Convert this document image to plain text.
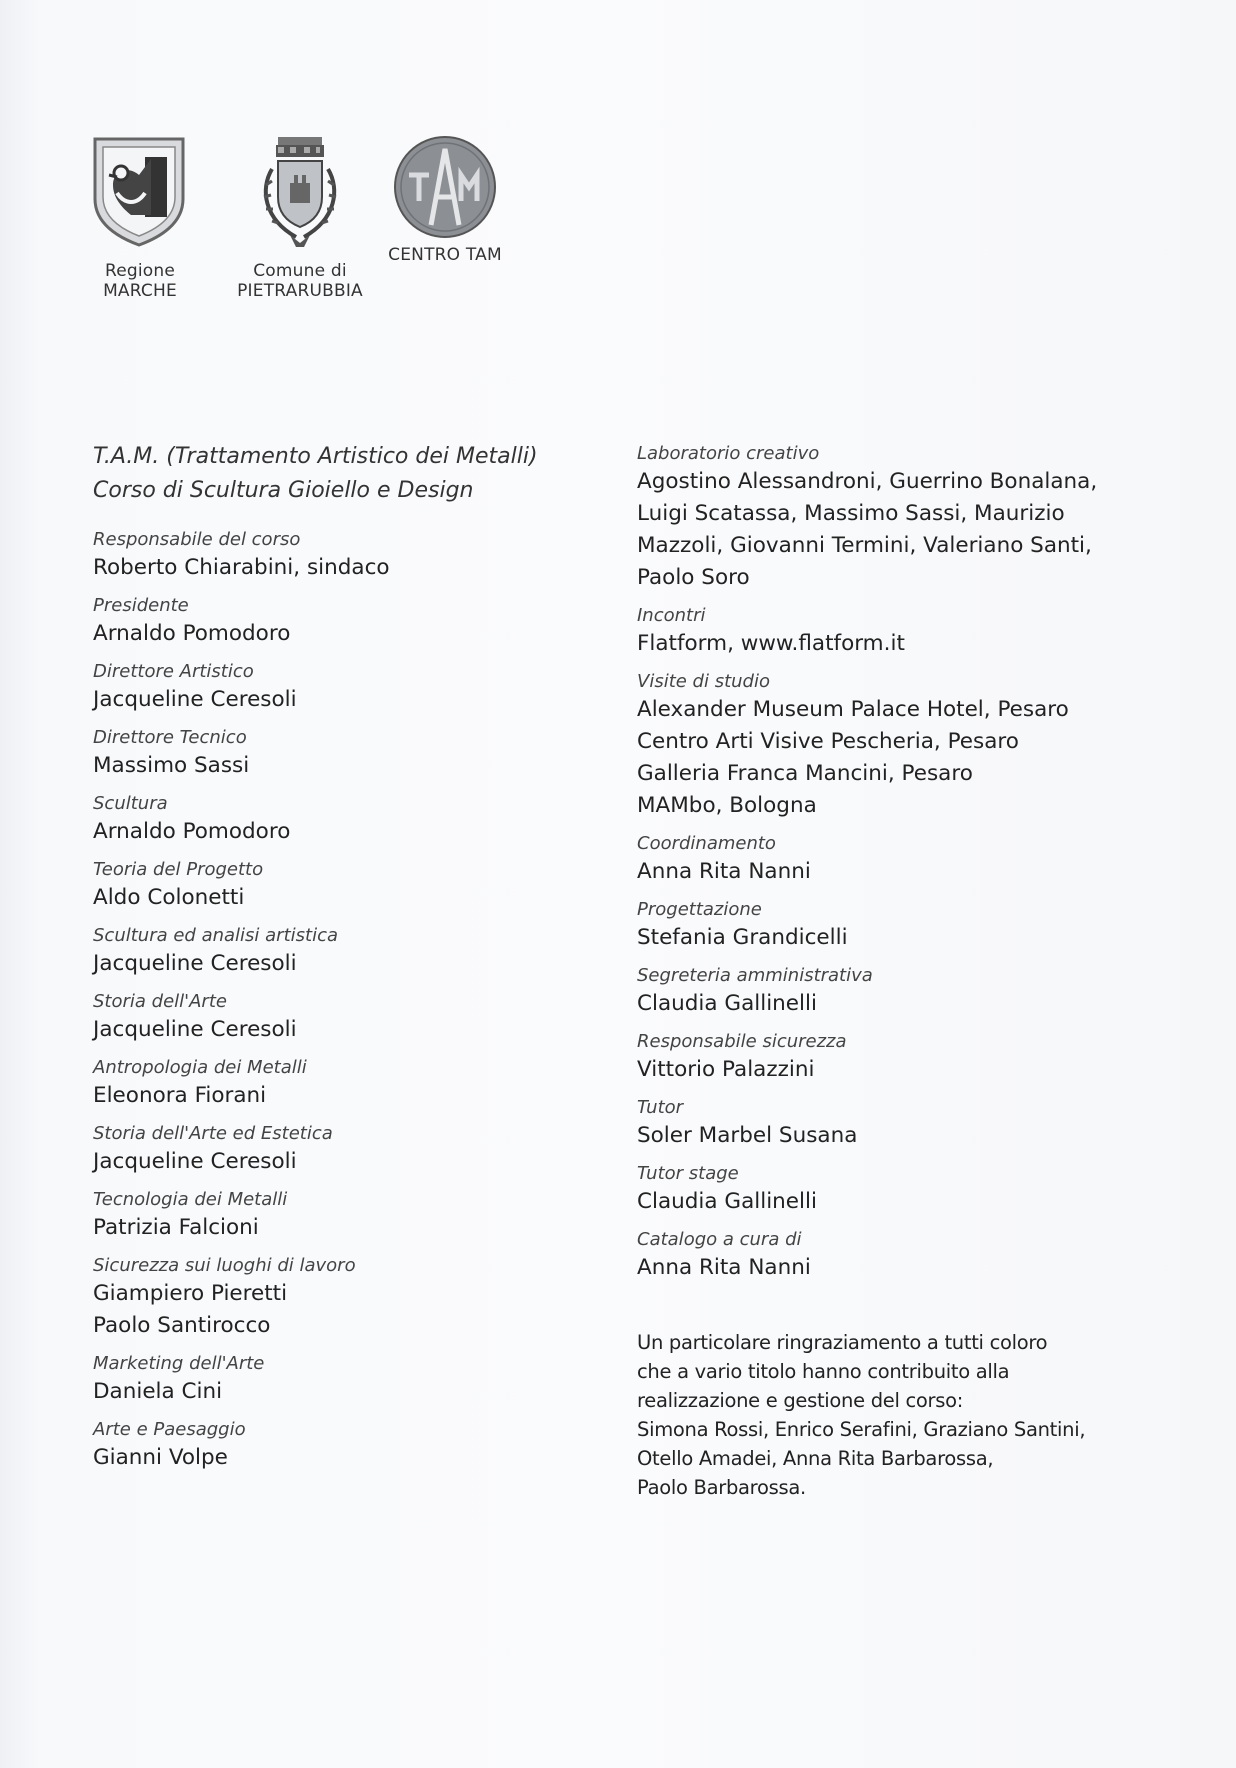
Regione
MARCHE
Comune di
PIETRARUBBIA
CENTRO TAM
T.A.M. (Trattamento Artistico dei Metalli)
Corso di Scultura Gioiello e Design
Responsabile del corso
Roberto Chiarabini, sindaco
Presidente
Arnaldo Pomodoro
Direttore Artistico
Jacqueline Ceresoli
Direttore Tecnico
Massimo Sassi
Scultura
Arnaldo Pomodoro
Teoria del Progetto
Aldo Colonetti
Scultura ed analisi artistica
Jacqueline Ceresoli
Storia dell'Arte
Jacqueline Ceresoli
Antropologia dei Metalli
Eleonora Fiorani
Storia dell'Arte ed Estetica
Jacqueline Ceresoli
Tecnologia dei Metalli
Patrizia Falcioni
Sicurezza sui luoghi di lavoro
Giampiero Pieretti
Paolo Santirocco
Marketing dell'Arte
Daniela Cini
Arte e Paesaggio
Gianni Volpe
Laboratorio creativo
Agostino Alessandroni, Guerrino Bonalana,
Luigi Scatassa, Massimo Sassi, Maurizio
Mazzoli, Giovanni Termini, Valeriano Santi,
Paolo Soro
Incontri
Flatform, www.flatform.it
Visite di studio
Alexander Museum Palace Hotel, Pesaro
Centro Arti Visive Pescheria, Pesaro
Galleria Franca Mancini, Pesaro
MAMbo, Bologna
Coordinamento
Anna Rita Nanni
Progettazione
Stefania Grandicelli
Segreteria amministrativa
Claudia Gallinelli
Responsabile sicurezza
Vittorio Palazzini
Tutor
Soler Marbel Susana
Tutor stage
Claudia Gallinelli
Catalogo a cura di
Anna Rita Nanni
Un particolare ringraziamento a tutti coloro
che a vario titolo hanno contribuito alla
realizzazione e gestione del corso:
Simona Rossi, Enrico Serafini, Graziano Santini,
Otello Amadei, Anna Rita Barbarossa,
Paolo Barbarossa.
